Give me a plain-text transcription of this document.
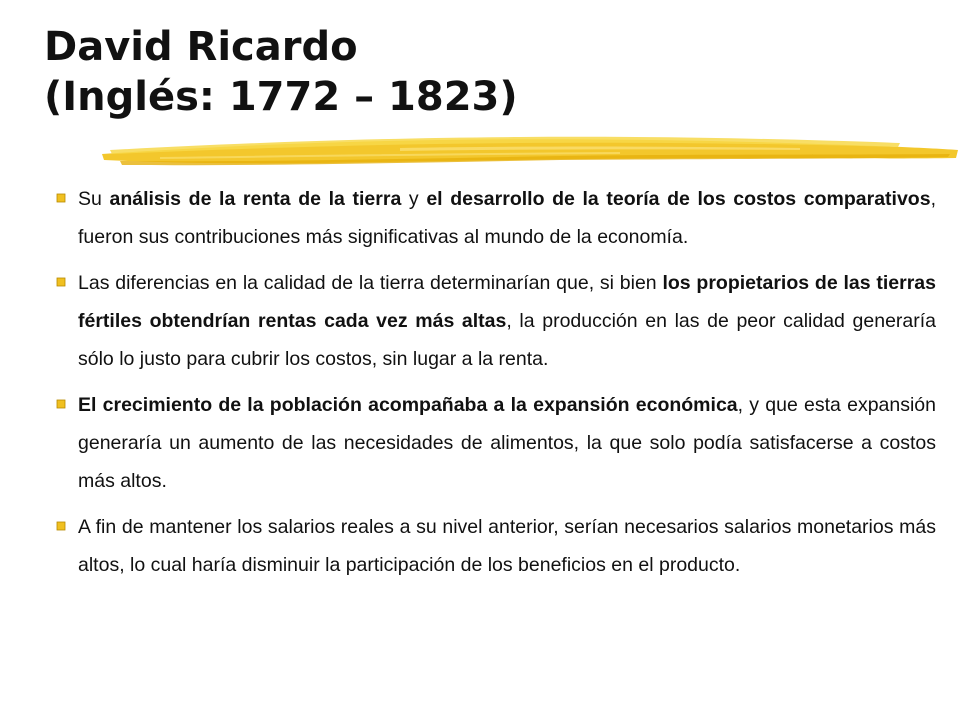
David Ricardo
(Inglés: 1772 – 1823)
Su análisis de la renta de la tierra y el desarrollo de la teoría de los costos comparativos, fueron sus contribuciones más significativas al mundo de la economía.
Las diferencias en la calidad de la tierra determinarían que, si bien los propietarios de las tierras fértiles obtendrían rentas cada vez más altas, la producción en las de peor calidad generaría sólo lo justo para cubrir los costos, sin lugar a la renta.
El crecimiento de la población acompañaba a la expansión económica, y que esta expansión generaría un aumento de las necesidades de alimentos, la que solo podía satisfacerse a costos más altos.
A fin de mantener los salarios reales a su nivel anterior, serían necesarios salarios monetarios más altos, lo cual haría disminuir la participación de los beneficios en el producto.
